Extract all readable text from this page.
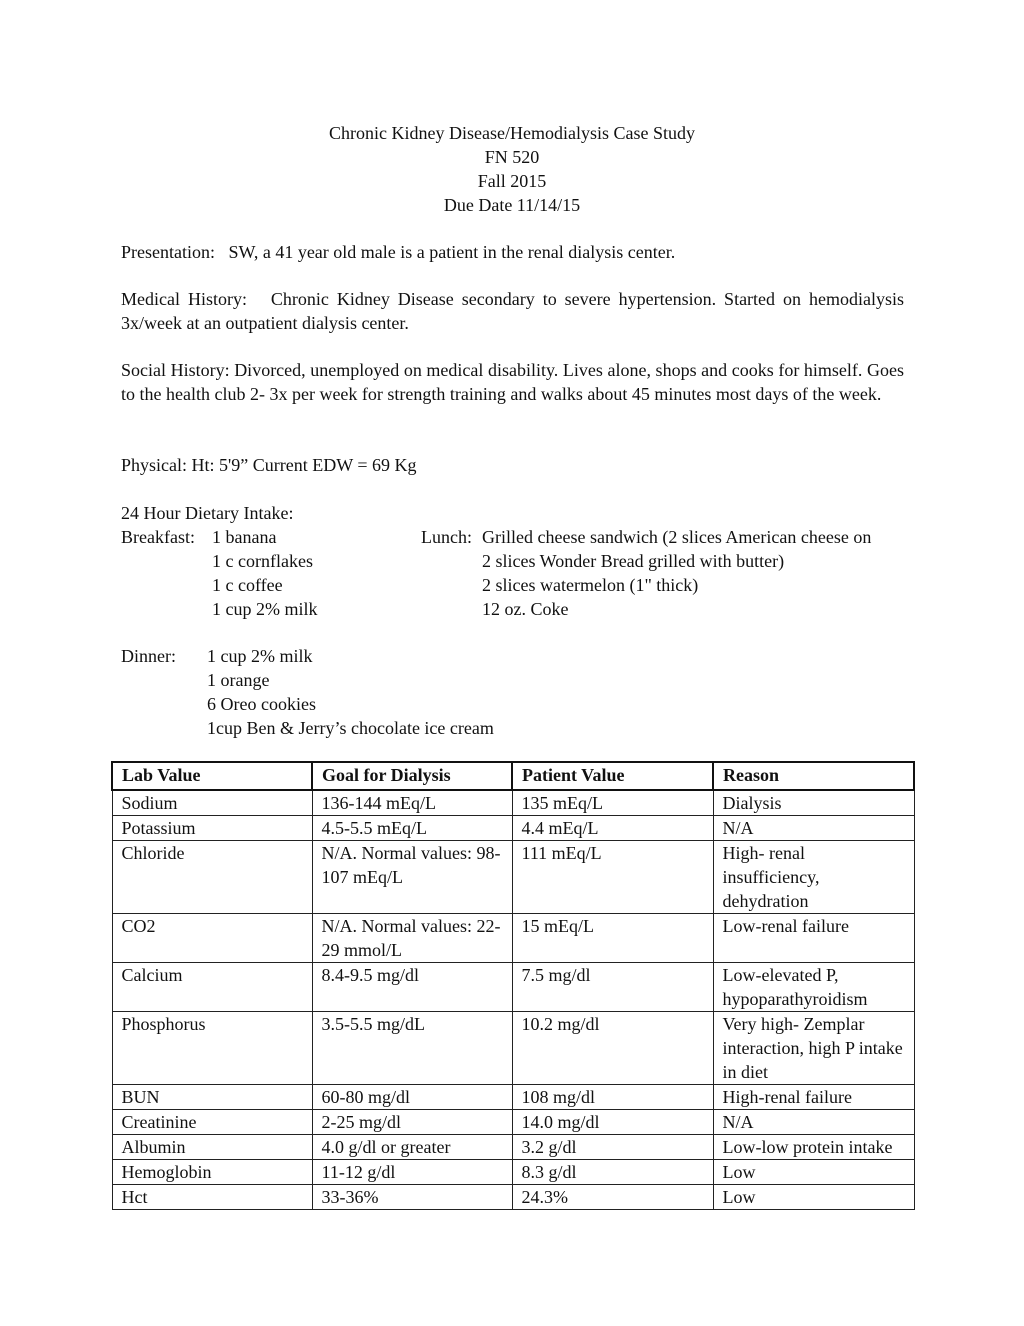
Chronic Kidney Disease/Hemodialysis Case Study
FN 520
Fall 2015
Due Date 11/14/15
Presentation: SW, a 41 year old male is a patient in the renal dialysis center.
Medical History: Chronic Kidney Disease secondary to severe hypertension. Started on hemodialysis 3x/week at an outpatient dialysis center.
Social History: Divorced, unemployed on medical disability. Lives alone, shops and cooks for himself. Goes to the health club 2- 3x per week for strength training and walks about 45 minutes most days of the week.
Physical: Ht: 5'9” Current EDW = 69 Kg
24 Hour Dietary Intake:
Breakfast: 1 banana
1 c cornflakes
1 c coffee
1 cup 2% milk
Lunch: Grilled cheese sandwich (2 slices American cheese on
2 slices Wonder Bread grilled with butter)
2 slices watermelon (1" thick)
12 oz. Coke
Dinner: 1 cup 2% milk
1 orange
6 Oreo cookies
1cup Ben & Jerry’s chocolate ice cream
Lab Value	Goal for Dialysis	Patient Value	Reason
Sodium	136-144 mEq/L	135 mEq/L	Dialysis
Potassium	4.5-5.5 mEq/L	4.4 mEq/L	N/A
Chloride	N/A. Normal values: 98-107 mEq/L	111 mEq/L	High- renal insufficiency, dehydration
CO2	N/A. Normal values: 22-29 mmol/L	15 mEq/L	Low-renal failure
Calcium	8.4-9.5 mg/dl	7.5 mg/dl	Low-elevated P, hypoparathyroidism
Phosphorus	3.5-5.5 mg/dL	10.2 mg/dl	Very high- Zemplar interaction, high P intake in diet
BUN	60-80 mg/dl	108 mg/dl	High-renal failure
Creatinine	2-25 mg/dl	14.0 mg/dl	N/A
Albumin	4.0 g/dl or greater	3.2 g/dl	Low-low protein intake
Hemoglobin	11-12 g/dl	8.3 g/dl	Low
Hct	33-36%	24.3%	Low
